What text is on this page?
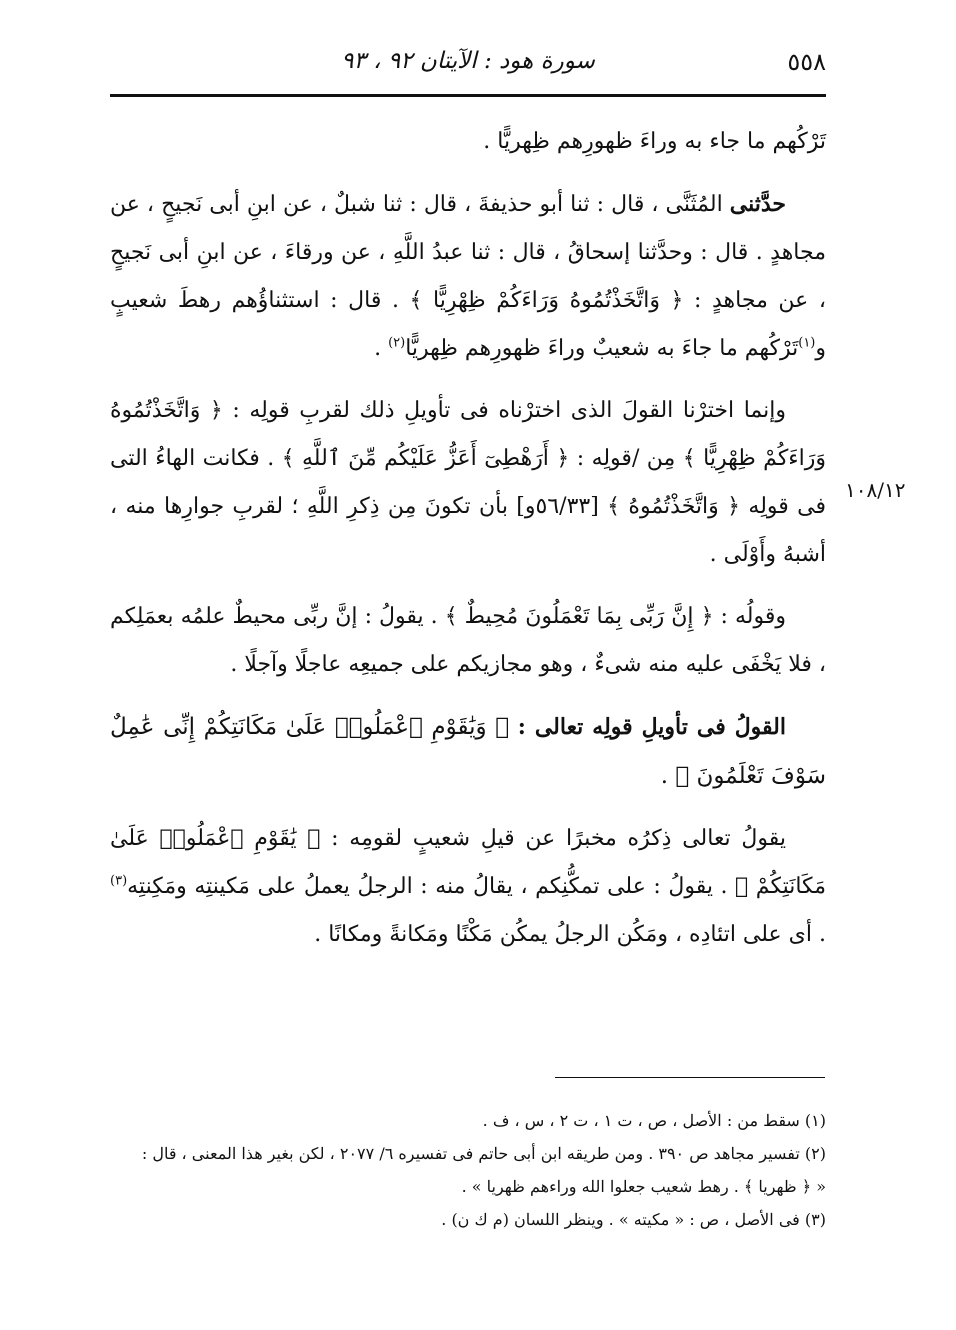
٥٥٨
سورة هود : الآيتان ٩٢ ، ٩٣
١٠٨/١٢

تَرْكُهم ما جاء به وراءَ ظهورِهم ظِهريًّا .

حدَّثنى المُثَنَّى ، قال : ثنا أبو حذيفةَ ، قال : ثنا شبلٌ ، عن ابنِ أبى نَجيحٍ ، عن مجاهدٍ . قال : وحدَّثنا إسحاقُ ، قال : ثنا عبدُ اللَّهِ ، عن ورقاءَ ، عن ابنِ أبى نَجيحٍ ، عن مجاهدٍ : ﴿ وَاتَّخَذْتُمُوهُ وَرَاءَكُمْ ظِهْرِيًّا ﴾ . قال : استثناؤُهم رهطَ شعيبٍ و$^{(١)}$تَرْكُهم ما جاءَ به شعيبٌ وراءَ ظهورِهم ظِهريًّا$^{(٢)}$ .

وإنما اخترْنا القولَ الذى اخترْناه فى تأويلِ ذلك لقربِ قولِه : ﴿ وَاتَّخَذْتُمُوهُ وَرَاءَكُمْ ظِهْرِيًّا ﴾ مِن /قولِه : ﴿ أَرَهْطِىٓ أَعَزُّ عَلَيْكُم مِّنَ ٱللَّهِ ﴾ . فكانت الهاءُ التى فى قولِه ﴿ وَاتَّخَذْتُمُوهُ ﴾ [٥٦/٣٣و] بأن تكونَ مِن ذِكرِ اللَّهِ ؛ لقربِ جوارِها منه ، أشبهُ وأَوْلَى .

وقولُه : ﴿ إِنَّ رَبِّى بِمَا تَعْمَلُونَ مُحِيطٌ ﴾ . يقولُ : إنَّ ربِّى محيطٌ علمُه بعمَلِكم ، فلا يَخْفَى عليه منه شىءٌ ، وهو مجازيكم على جميعِه عاجلًا وآجلًا .

القولُ فى تأويلِ قولِه تعالى : ﴿ وَيَٰقَوْمِ ٱعْمَلُوا۟ عَلَىٰ مَكَانَتِكُمْ إِنِّى عَٰمِلٌ سَوْفَ تَعْلَمُونَ ﴾ .

يقولُ تعالى ذِكرُه مخبرًا عن قيلِ شعيبٍ لقومِه : ﴿ يَٰقَوْمِ ٱعْمَلُوا۟ عَلَىٰ مَكَانَتِكُمْ ﴾ . يقولُ : على تمكُّنِكم ، يقالُ منه : الرجلُ يعملُ على مَكينتِه ومَكِنتِه$^{(٣)}$ . أى على اتئادِه ، ومَكُن الرجلُ يمكُن مَكْنًا ومَكانةً ومكانًا .

(١) سقط من : الأصل ، ص ، ت ١ ، ت ٢ ، س ، ف .
(٢) تفسير مجاهد ص ٣٩٠ . ومن طريقه ابن أبى حاتم فى تفسيره ٦/ ٢٠٧٧ ، لكن بغير هذا المعنى ، قال :
« ﴿ ظهريا ﴾ . رهط شعيب جعلوا الله وراءهم ظهريا » .
(٣) فى الأصل ، ص : « مكيته » . وينظر اللسان (م ك ن) .
